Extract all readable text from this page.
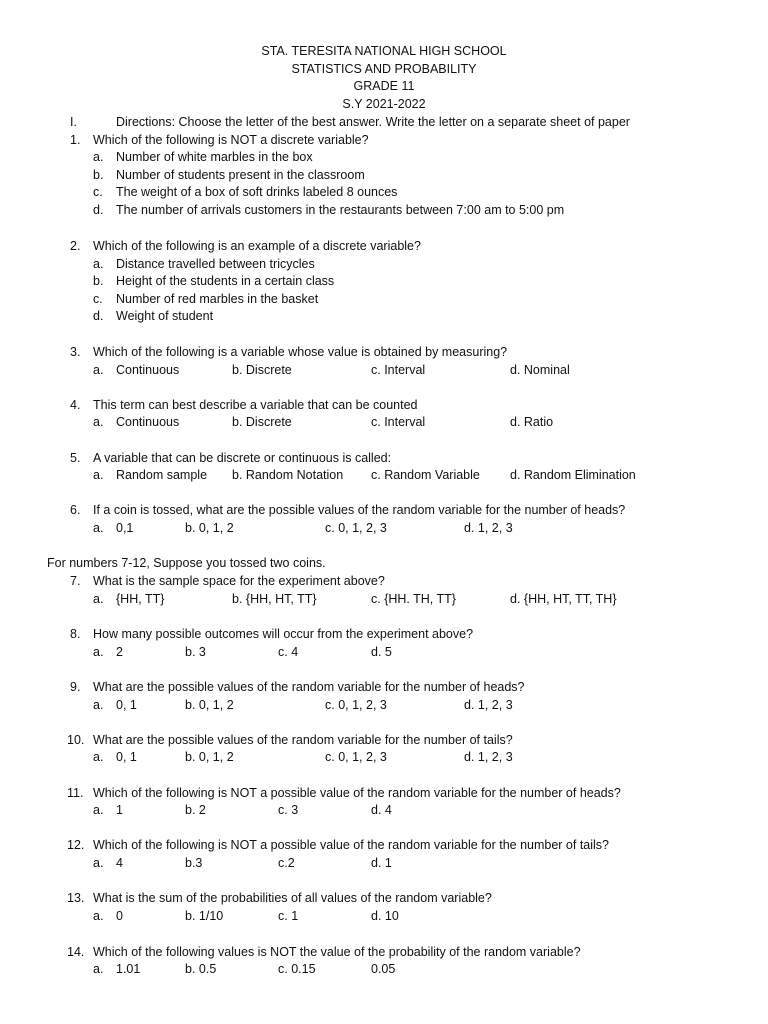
STA. TERESITA NATIONAL HIGH SCHOOL
STATISTICS AND PROBABILITY
GRADE 11
S.Y 2021-2022
I.	Directions: Choose the letter of the best answer. Write the letter on a separate sheet of paper
1. Which of the following is NOT a discrete variable?
a. Number of white marbles in the box
b. Number of students present in the classroom
c. The weight of a box of soft drinks labeled 8 ounces
d. The number of arrivals customers in the restaurants between 7:00 am to 5:00 pm
2. Which of the following is an example of a discrete variable?
a. Distance travelled between tricycles
b. Height of the students in a certain class
c. Number of red marbles in the basket
d. Weight of student
3. Which of the following is a variable whose value is obtained by measuring?
a. Continuous	b. Discrete	c. Interval	d. Nominal
4. This term can best describe a variable that can be counted
a. Continuous	b. Discrete	c. Interval	d. Ratio
5. A variable that can be discrete or continuous is called:
a. Random sample b. Random Notation c. Random Variable d. Random Elimination
6. If a coin is tossed, what are the possible values of the random variable for the number of heads?
a. 0,1	b. 0, 1, 2	c. 0, 1, 2, 3	d. 1, 2, 3
For numbers 7-12, Suppose you tossed two coins.
7. What is the sample space for the experiment above?
a. {HH, TT}	b. {HH, HT, TT}	c. {HH. TH, TT}	d. {HH, HT, TT, TH}
8. How many possible outcomes will occur from the experiment above?
a. 2	b. 3	c. 4	d. 5
9. What are the possible values of the random variable for the number of heads?
a. 0, 1	b. 0, 1, 2	c. 0, 1, 2, 3	d. 1, 2, 3
10. What are the possible values of the random variable for the number of tails?
a. 0, 1	b. 0, 1, 2	c. 0, 1, 2, 3	d. 1, 2, 3
11. Which of the following is NOT a possible value of the random variable for the number of heads?
a. 1	b. 2	c. 3	d. 4
12. Which of the following is NOT a possible value of the random variable for the number of tails?
a. 4	b.3	c.2	d. 1
13. What is the sum of the probabilities of all values of the random variable?
a. 0	b. 1/10	c. 1	d. 10
14. Which of the following values is NOT the value of the probability of the random variable?
a. 1.01	b. 0.5	c. 0.15	0.05
